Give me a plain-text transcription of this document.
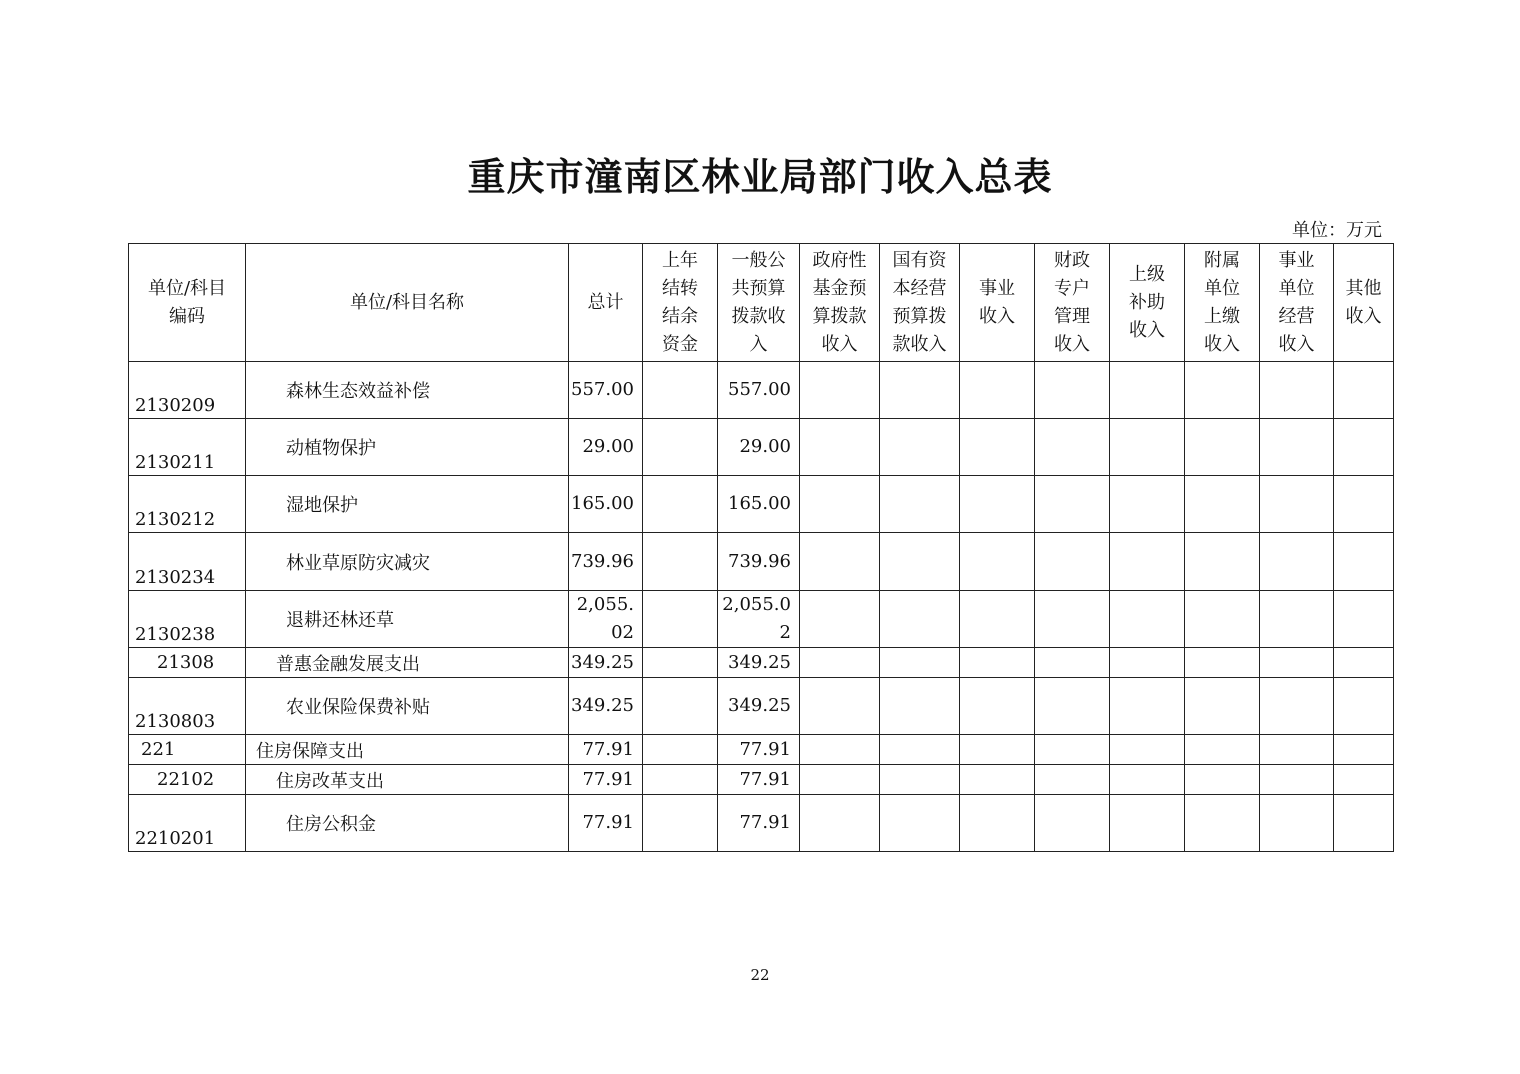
重庆市潼南区林业局部门收入总表
单位：万元
单位/科目编码	单位/科目名称	总计	上年结转结余资金	一般公共预算拨款收入	政府性基金预算拨款收入	国有资本经营预算拨款收入	事业收入	财政专户管理收入	上级补助收入	附属单位上缴收入	事业单位经营收入	其他收入

2130209	森林生态效益补偿	557.00		557.00								
2130211	动植物保护	29.00		29.00								
2130212	湿地保护	165.00		165.00								
2130234	林业草原防灾减灾	739.96		739.96								
2130238	退耕还林还草	2,055.02		2,055.02								
21308	普惠金融发展支出	349.25		349.25								
2130803	农业保险保费补贴	349.25		349.25								
221	住房保障支出	77.91		77.91								
22102	住房改革支出	77.91		77.91								
2210201	住房公积金	77.91		77.91								
22
